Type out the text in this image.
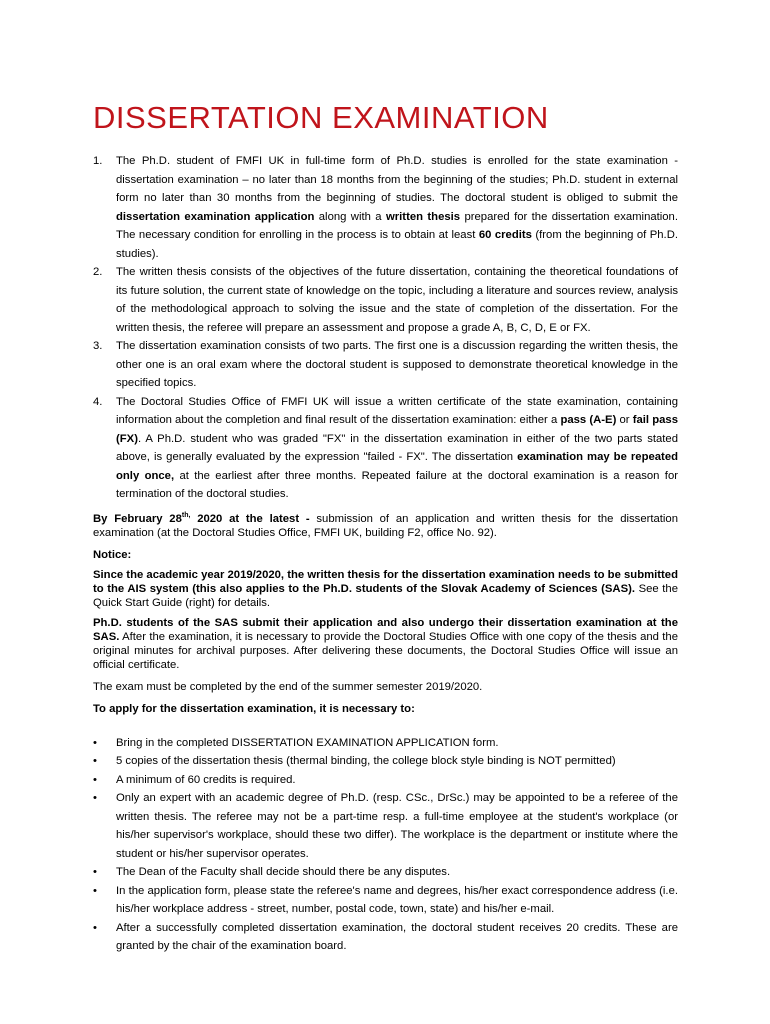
DISSERTATION EXAMINATION
1. The Ph.D. student of FMFI UK in full-time form of Ph.D. studies is enrolled for the state examination - dissertation examination – no later than 18 months from the beginning of the studies; Ph.D. student in external form no later than 30 months from the beginning of studies. The doctoral student is obliged to submit the dissertation examination application along with a written thesis prepared for the dissertation examination. The necessary condition for enrolling in the process is to obtain at least 60 credits (from the beginning of Ph.D. studies).
2. The written thesis consists of the objectives of the future dissertation, containing the theoretical foundations of its future solution, the current state of knowledge on the topic, including a literature and sources review, analysis of the methodological approach to solving the issue and the state of completion of the dissertation. For the written thesis, the referee will prepare an assessment and propose a grade A, B, C, D, E or FX.
3. The dissertation examination consists of two parts. The first one is a discussion regarding the written thesis, the other one is an oral exam where the doctoral student is supposed to demonstrate theoretical knowledge in the specified topics.
4. The Doctoral Studies Office of FMFI UK will issue a written certificate of the state examination, containing information about the completion and final result of the dissertation examination: either a pass (A-E) or fail pass (FX). A Ph.D. student who was graded "FX" in the dissertation examination in either of the two parts stated above, is generally evaluated by the expression "failed - FX". The dissertation examination may be repeated only once, at the earliest after three months. Repeated failure at the doctoral examination is a reason for termination of the doctoral studies.

By February $28^{th,}$ 2020 at the latest - submission of an application and written thesis for the dissertation examination (at the Doctoral Studies Office, FMFI UK, building F2, office No. 92).

Notice:

Since the academic year 2019/2020, the written thesis for the dissertation examination needs to be submitted to the AIS system (this also applies to the Ph.D. students of the Slovak Academy of Sciences (SAS). See the Quick Start Guide (right) for details.

Ph.D. students of the SAS submit their application and also undergo their dissertation examination at the SAS. After the examination, it is necessary to provide the Doctoral Studies Office with one copy of the thesis and the original minutes for archival purposes. After delivering these documents, the Doctoral Studies Office will issue an official certificate.

The exam must be completed by the end of the summer semester 2019/2020.

To apply for the dissertation examination, it is necessary to:

• Bring in the completed DISSERTATION EXAMINATION APPLICATION form.
• 5 copies of the dissertation thesis (thermal binding, the college block style binding is NOT permitted)
• A minimum of 60 credits is required.
• Only an expert with an academic degree of Ph.D. (resp. CSc., DrSc.) may be appointed to be a referee of the written thesis. The referee may not be a part-time resp. a full-time employee at the student's workplace (or his/her supervisor's workplace, should these two differ). The workplace is the department or institute where the student or his/her supervisor operates.
• The Dean of the Faculty shall decide should there be any disputes.
• In the application form, please state the referee's name and degrees, his/her exact correspondence address (i.e. his/her workplace address - street, number, postal code, town, state) and his/her e-mail.
• After a successfully completed dissertation examination, the doctoral student receives 20 credits. These are granted by the chair of the examination board.
